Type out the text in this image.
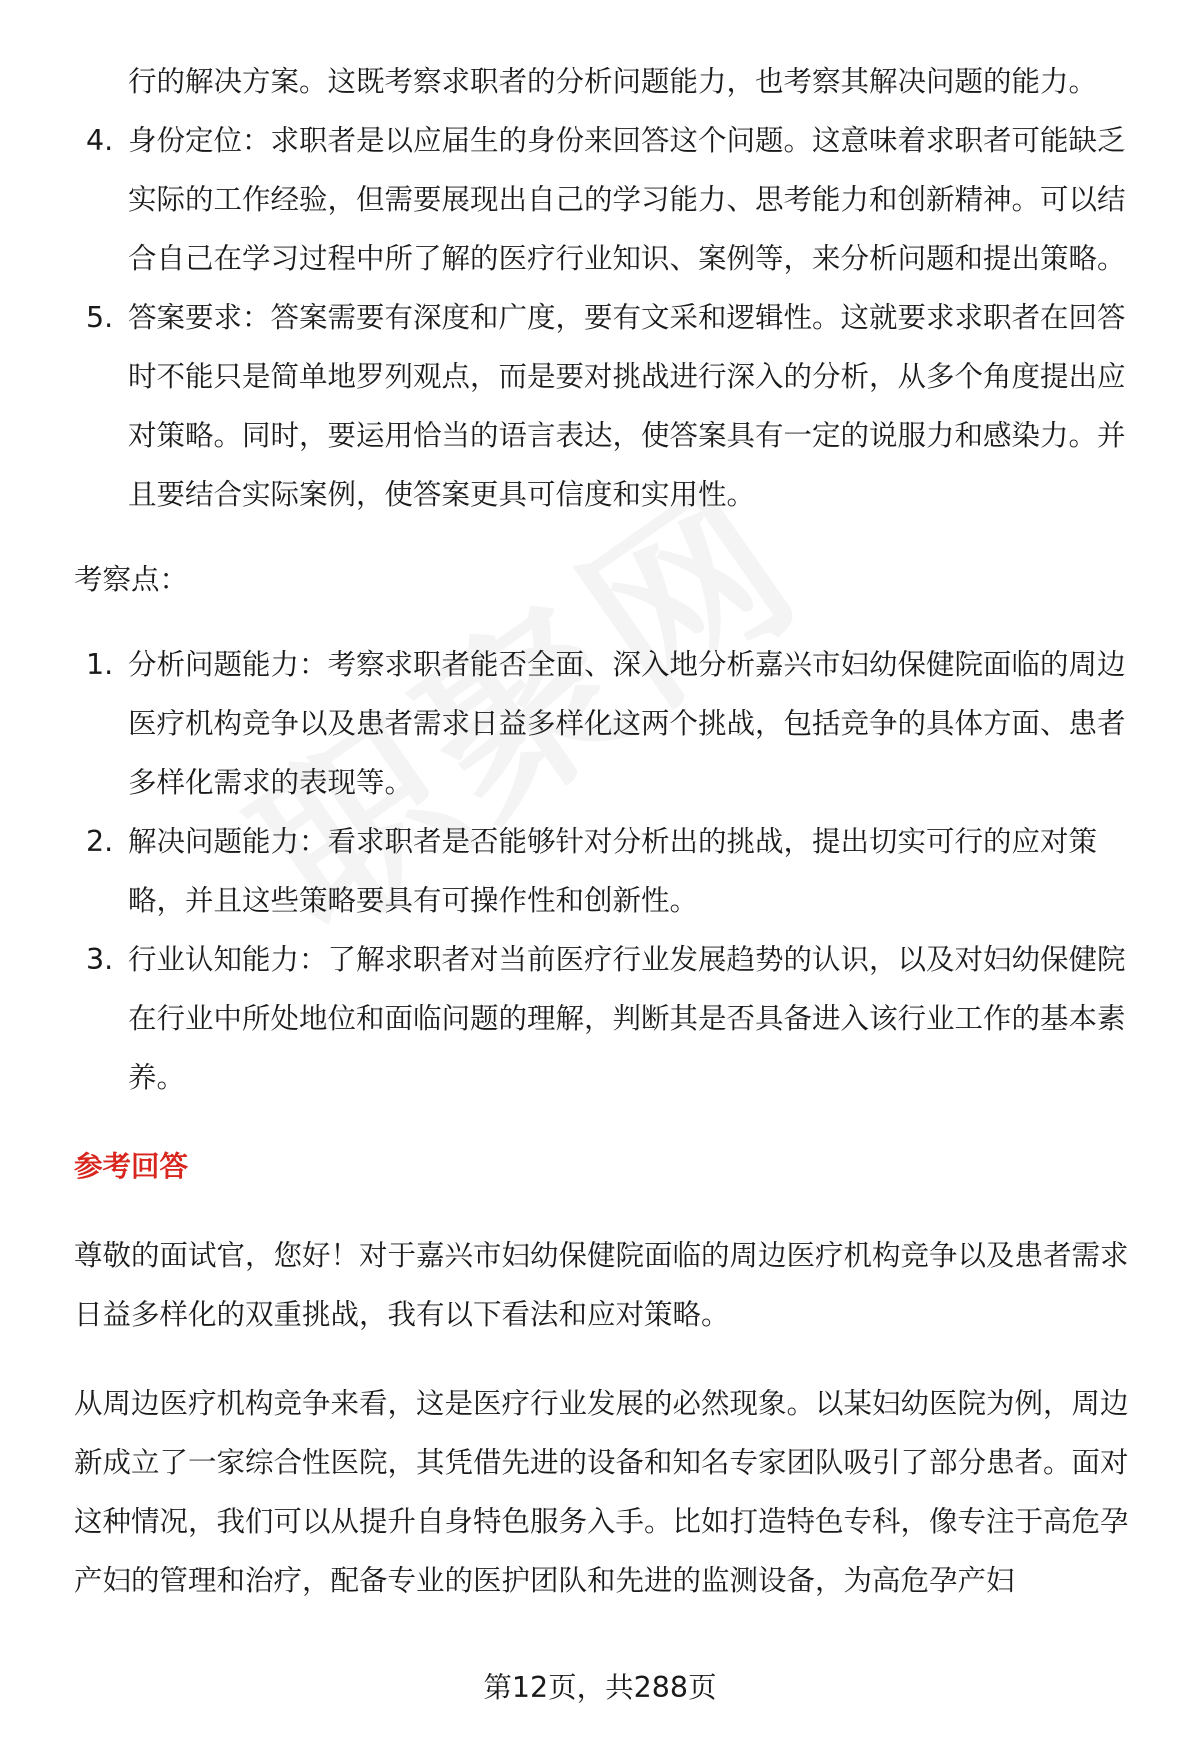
行的解决方案。这既考察求职者的分析问题能力，也考察其解决问题的能力。

4. 身份定位：求职者是以应届生的身份来回答这个问题。这意味着求职者可能缺乏实际的工作经验，但需要展现出自己的学习能力、思考能力和创新精神。可以结合自己在学习过程中所了解的医疗行业知识、案例等，来分析问题和提出策略。
5. 答案要求：答案需要有深度和广度，要有文采和逻辑性。这就要求求职者在回答时不能只是简单地罗列观点，而是要对挑战进行深入的分析，从多个角度提出应对策略。同时，要运用恰当的语言表达，使答案具有一定的说服力和感染力。并且要结合实际案例，使答案更具可信度和实用性。

考察点：

1. 分析问题能力：考察求职者能否全面、深入地分析嘉兴市妇幼保健院面临的周边医疗机构竞争以及患者需求日益多样化这两个挑战，包括竞争的具体方面、患者多样化需求的表现等。
2. 解决问题能力：看求职者是否能够针对分析出的挑战，提出切实可行的应对策略，并且这些策略要具有可操作性和创新性。
3. 行业认知能力：了解求职者对当前医疗行业发展趋势的认识，以及对妇幼保健院在行业中所处地位和面临问题的理解，判断其是否具备进入该行业工作的基本素养。

参考回答

尊敬的面试官，您好！对于嘉兴市妇幼保健院面临的周边医疗机构竞争以及患者需求日益多样化的双重挑战，我有以下看法和应对策略。

从周边医疗机构竞争来看，这是医疗行业发展的必然现象。以某妇幼医院为例，周边新成立了一家综合性医院，其凭借先进的设备和知名专家团队吸引了部分患者。面对这种情况，我们可以从提升自身特色服务入手。比如打造特色专科，像专注于高危孕产妇的管理和治疗，配备专业的医护团队和先进的监测设备，为高危孕产妇

第12页，共288页
